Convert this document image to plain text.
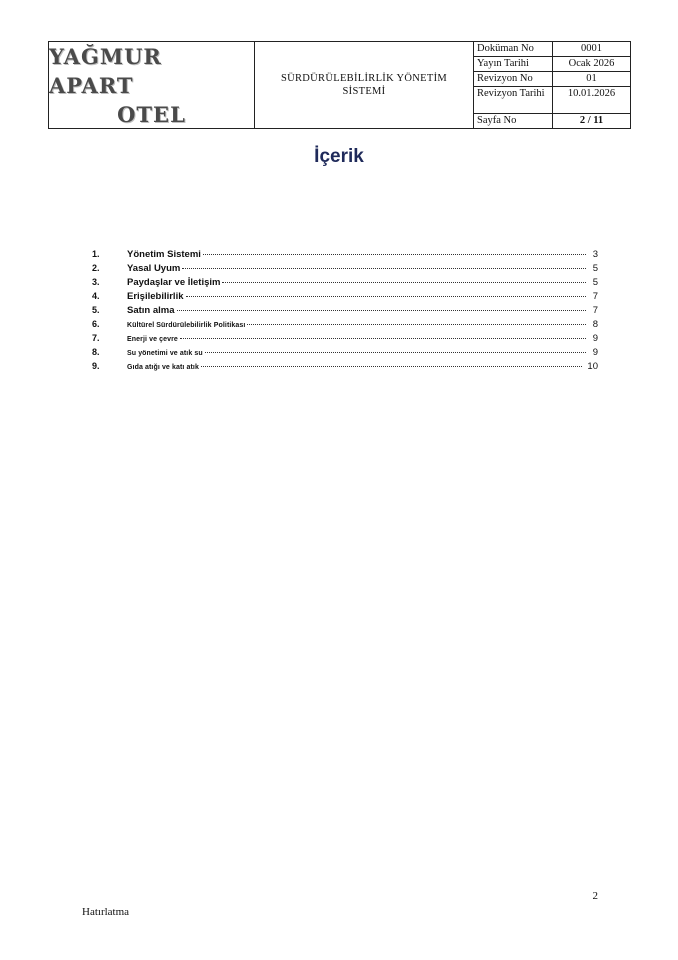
YAĞMUR APART
OTEL
SÜRDÜRÜLEBİLİRLİK YÖNETİM SİSTEMİ
Doküman No	0001
Yayın Tarihi	Ocak 2026
Revizyon No	01
Revizyon Tarihi	10.01.2026
Sayfa No	2 / 11
İçerik
1.	Yönetim Sistemi	3
2.	Yasal Uyum	5
3.	Paydaşlar ve İletişim	5
4.	Erişilebilirlik	7
5.	Satın alma	7
6.	Kültürel Sürdürülebilirlik Politikası	8
7.	Enerji ve çevre	9
8.	Su yönetimi ve atık su	9
9.	Gıda atığı ve katı atık	10
2
Hatırlatma
